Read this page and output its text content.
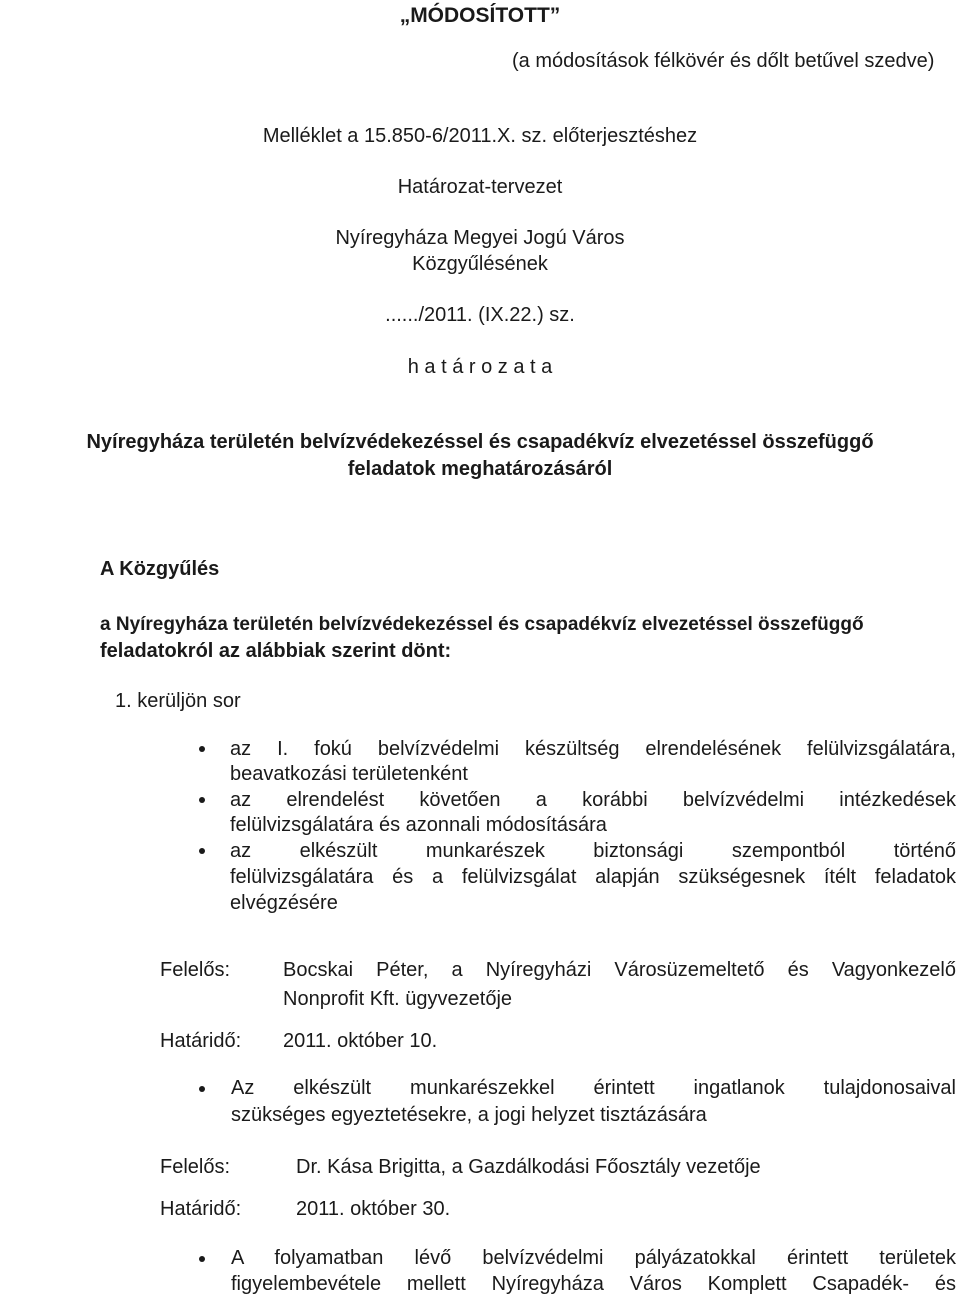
„MÓDOSÍTOTT”
(a módosítások félkövér és dőlt betűvel szedve)
Melléklet a 15.850-6/2011.X. sz. előterjesztéshez
Határozat-tervezet
Nyíregyháza Megyei Jogú Város
Közgyűlésének
....../2011. (IX.22.) sz.
h a t á r o z a t a
Nyíregyháza területén belvízvédekezéssel és csapadékvíz elvezetéssel összefüggő
feladatok meghatározásáról
A Közgyűlés
a Nyíregyháza területén belvízvédekezéssel és csapadékvíz elvezetéssel összefüggő
feladatokról az alábbiak szerint dönt:
1. kerüljön sor
az I. fokú belvízvédelmi készültség elrendelésének felülvizsgálatára,
beavatkozási területenként
az elrendelést követően a korábbi belvízvédelmi intézkedések
felülvizsgálatára és azonnali módosítására
az elkészült munkarészek biztonsági szempontból történő
felülvizsgálatára és a felülvizsgálat alapján szükségesnek ítélt feladatok
elvégzésére
Felelős:	Bocskai Péter, a Nyíregyházi Városüzemeltető és Vagyonkezelő
Nonprofit Kft. ügyvezetője
Határidő: 2011. október 10.
Az elkészült munkarészekkel érintett ingatlanok tulajdonosaival
szükséges egyeztetésekre, a jogi helyzet tisztázására
Felelős:	Dr. Kása Brigitta, a Gazdálkodási Főosztály vezetője
Határidő:	2011. október 30.
A folyamatban lévő belvízvédelmi pályázatokkal érintett területek
figyelembevétele mellett Nyíregyháza Város Komplett Csapadék- és
